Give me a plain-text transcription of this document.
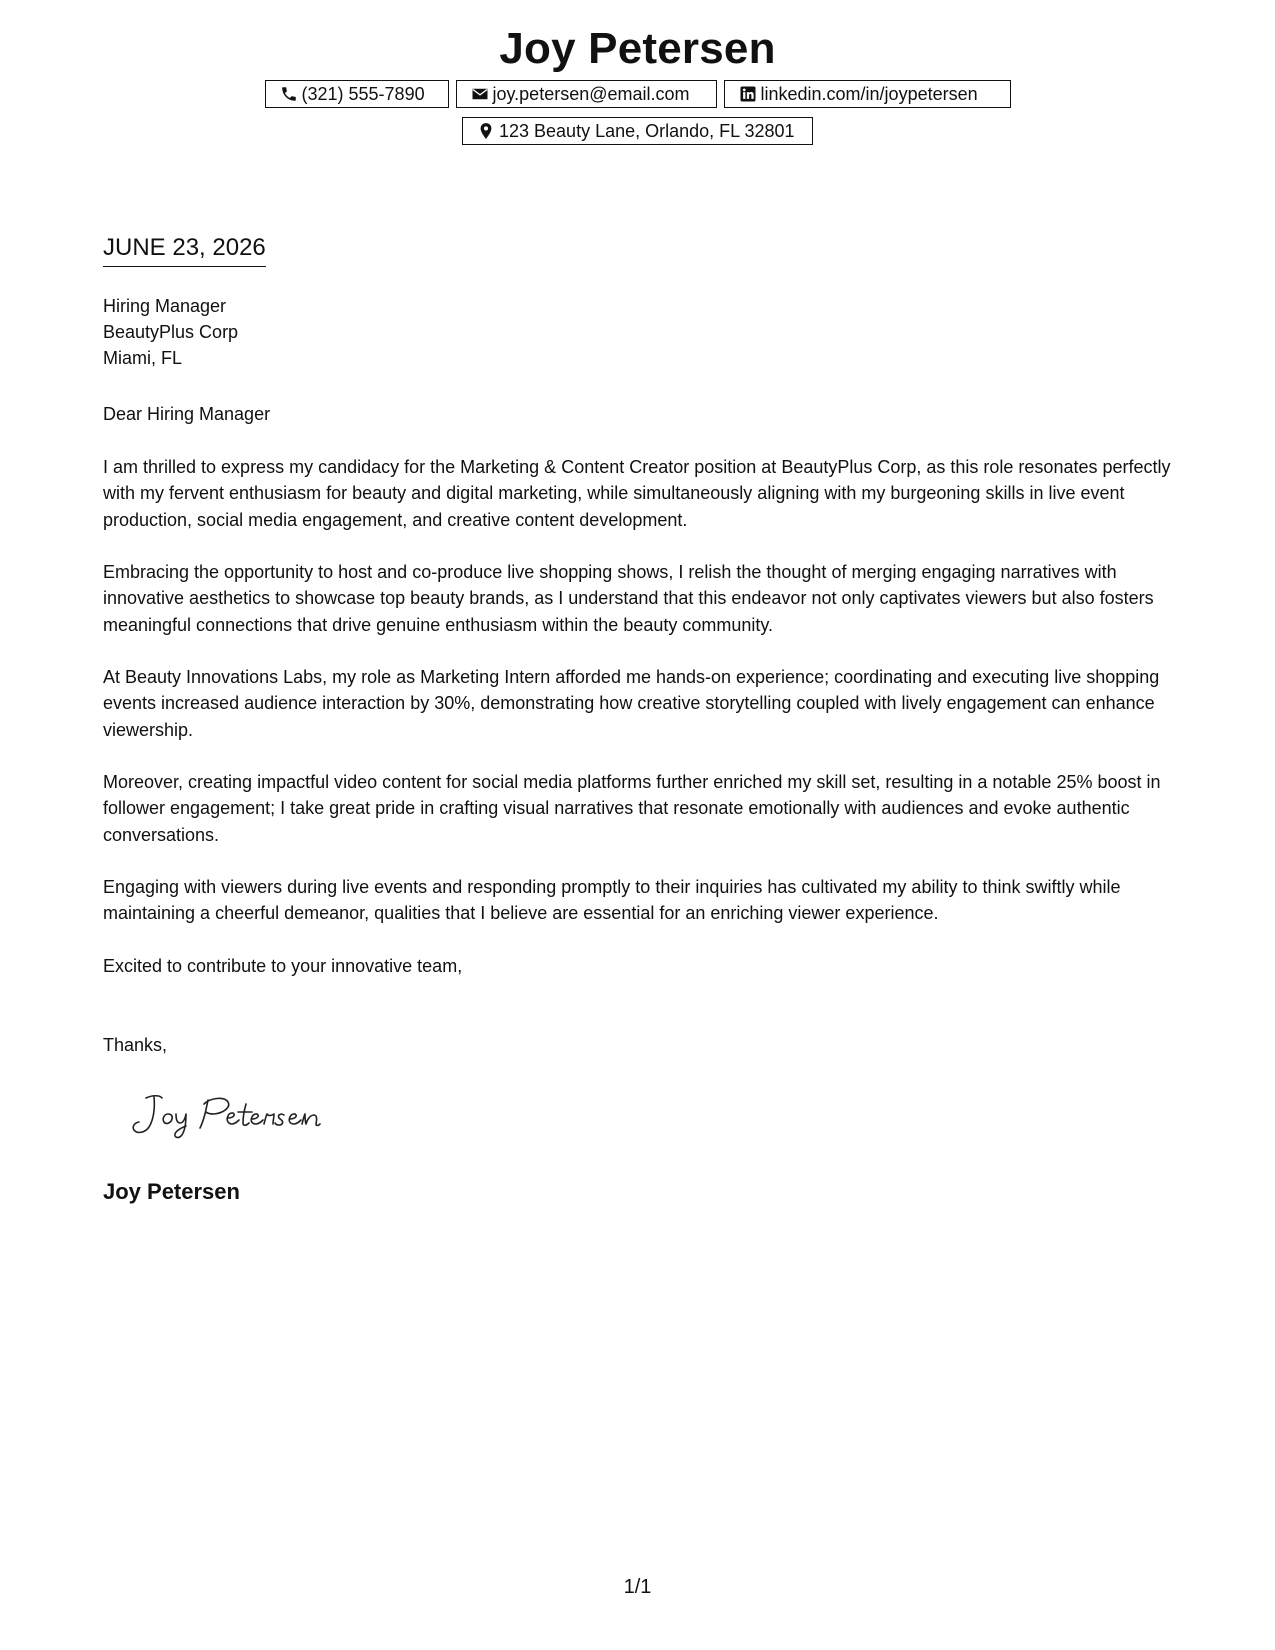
Joy Petersen
(321) 555-7890	joy.petersen@email.com	linkedin.com/in/joypetersen
123 Beauty Lane, Orlando, FL 32801
JUNE 23, 2026
Hiring Manager
BeautyPlus Corp
Miami, FL
Dear Hiring Manager
I am thrilled to express my candidacy for the Marketing & Content Creator position at BeautyPlus Corp, as this role resonates perfectly with my fervent enthusiasm for beauty and digital marketing, while simultaneously aligning with my burgeoning skills in live event production, social media engagement, and creative content development.
Embracing the opportunity to host and co-produce live shopping shows, I relish the thought of merging engaging narratives with innovative aesthetics to showcase top beauty brands, as I understand that this endeavor not only captivates viewers but also fosters meaningful connections that drive genuine enthusiasm within the beauty community.
At Beauty Innovations Labs, my role as Marketing Intern afforded me hands-on experience; coordinating and executing live shopping events increased audience interaction by 30%, demonstrating how creative storytelling coupled with lively engagement can enhance viewership.
Moreover, creating impactful video content for social media platforms further enriched my skill set, resulting in a notable 25% boost in follower engagement; I take great pride in crafting visual narratives that resonate emotionally with audiences and evoke authentic conversations.
Engaging with viewers during live events and responding promptly to their inquiries has cultivated my ability to think swiftly while maintaining a cheerful demeanor, qualities that I believe are essential for an enriching viewer experience.
Excited to contribute to your innovative team,
Thanks,
Joy Petersen
1/1
